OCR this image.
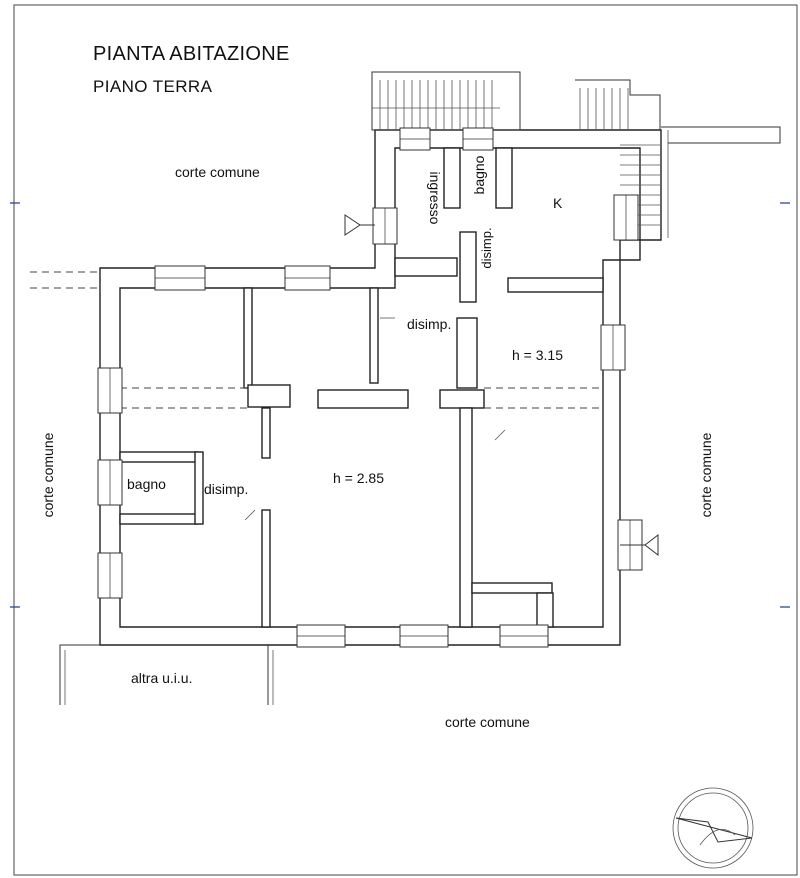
PIANTA ABITAZIONE
PIANO TERRA
corte comune
corte comune	corte comune
corte comune
altra u.i.u.
ingresso bagno
disimp.
K
disimp.
h = 3.15
h = 2.85
bagno	disimp.
